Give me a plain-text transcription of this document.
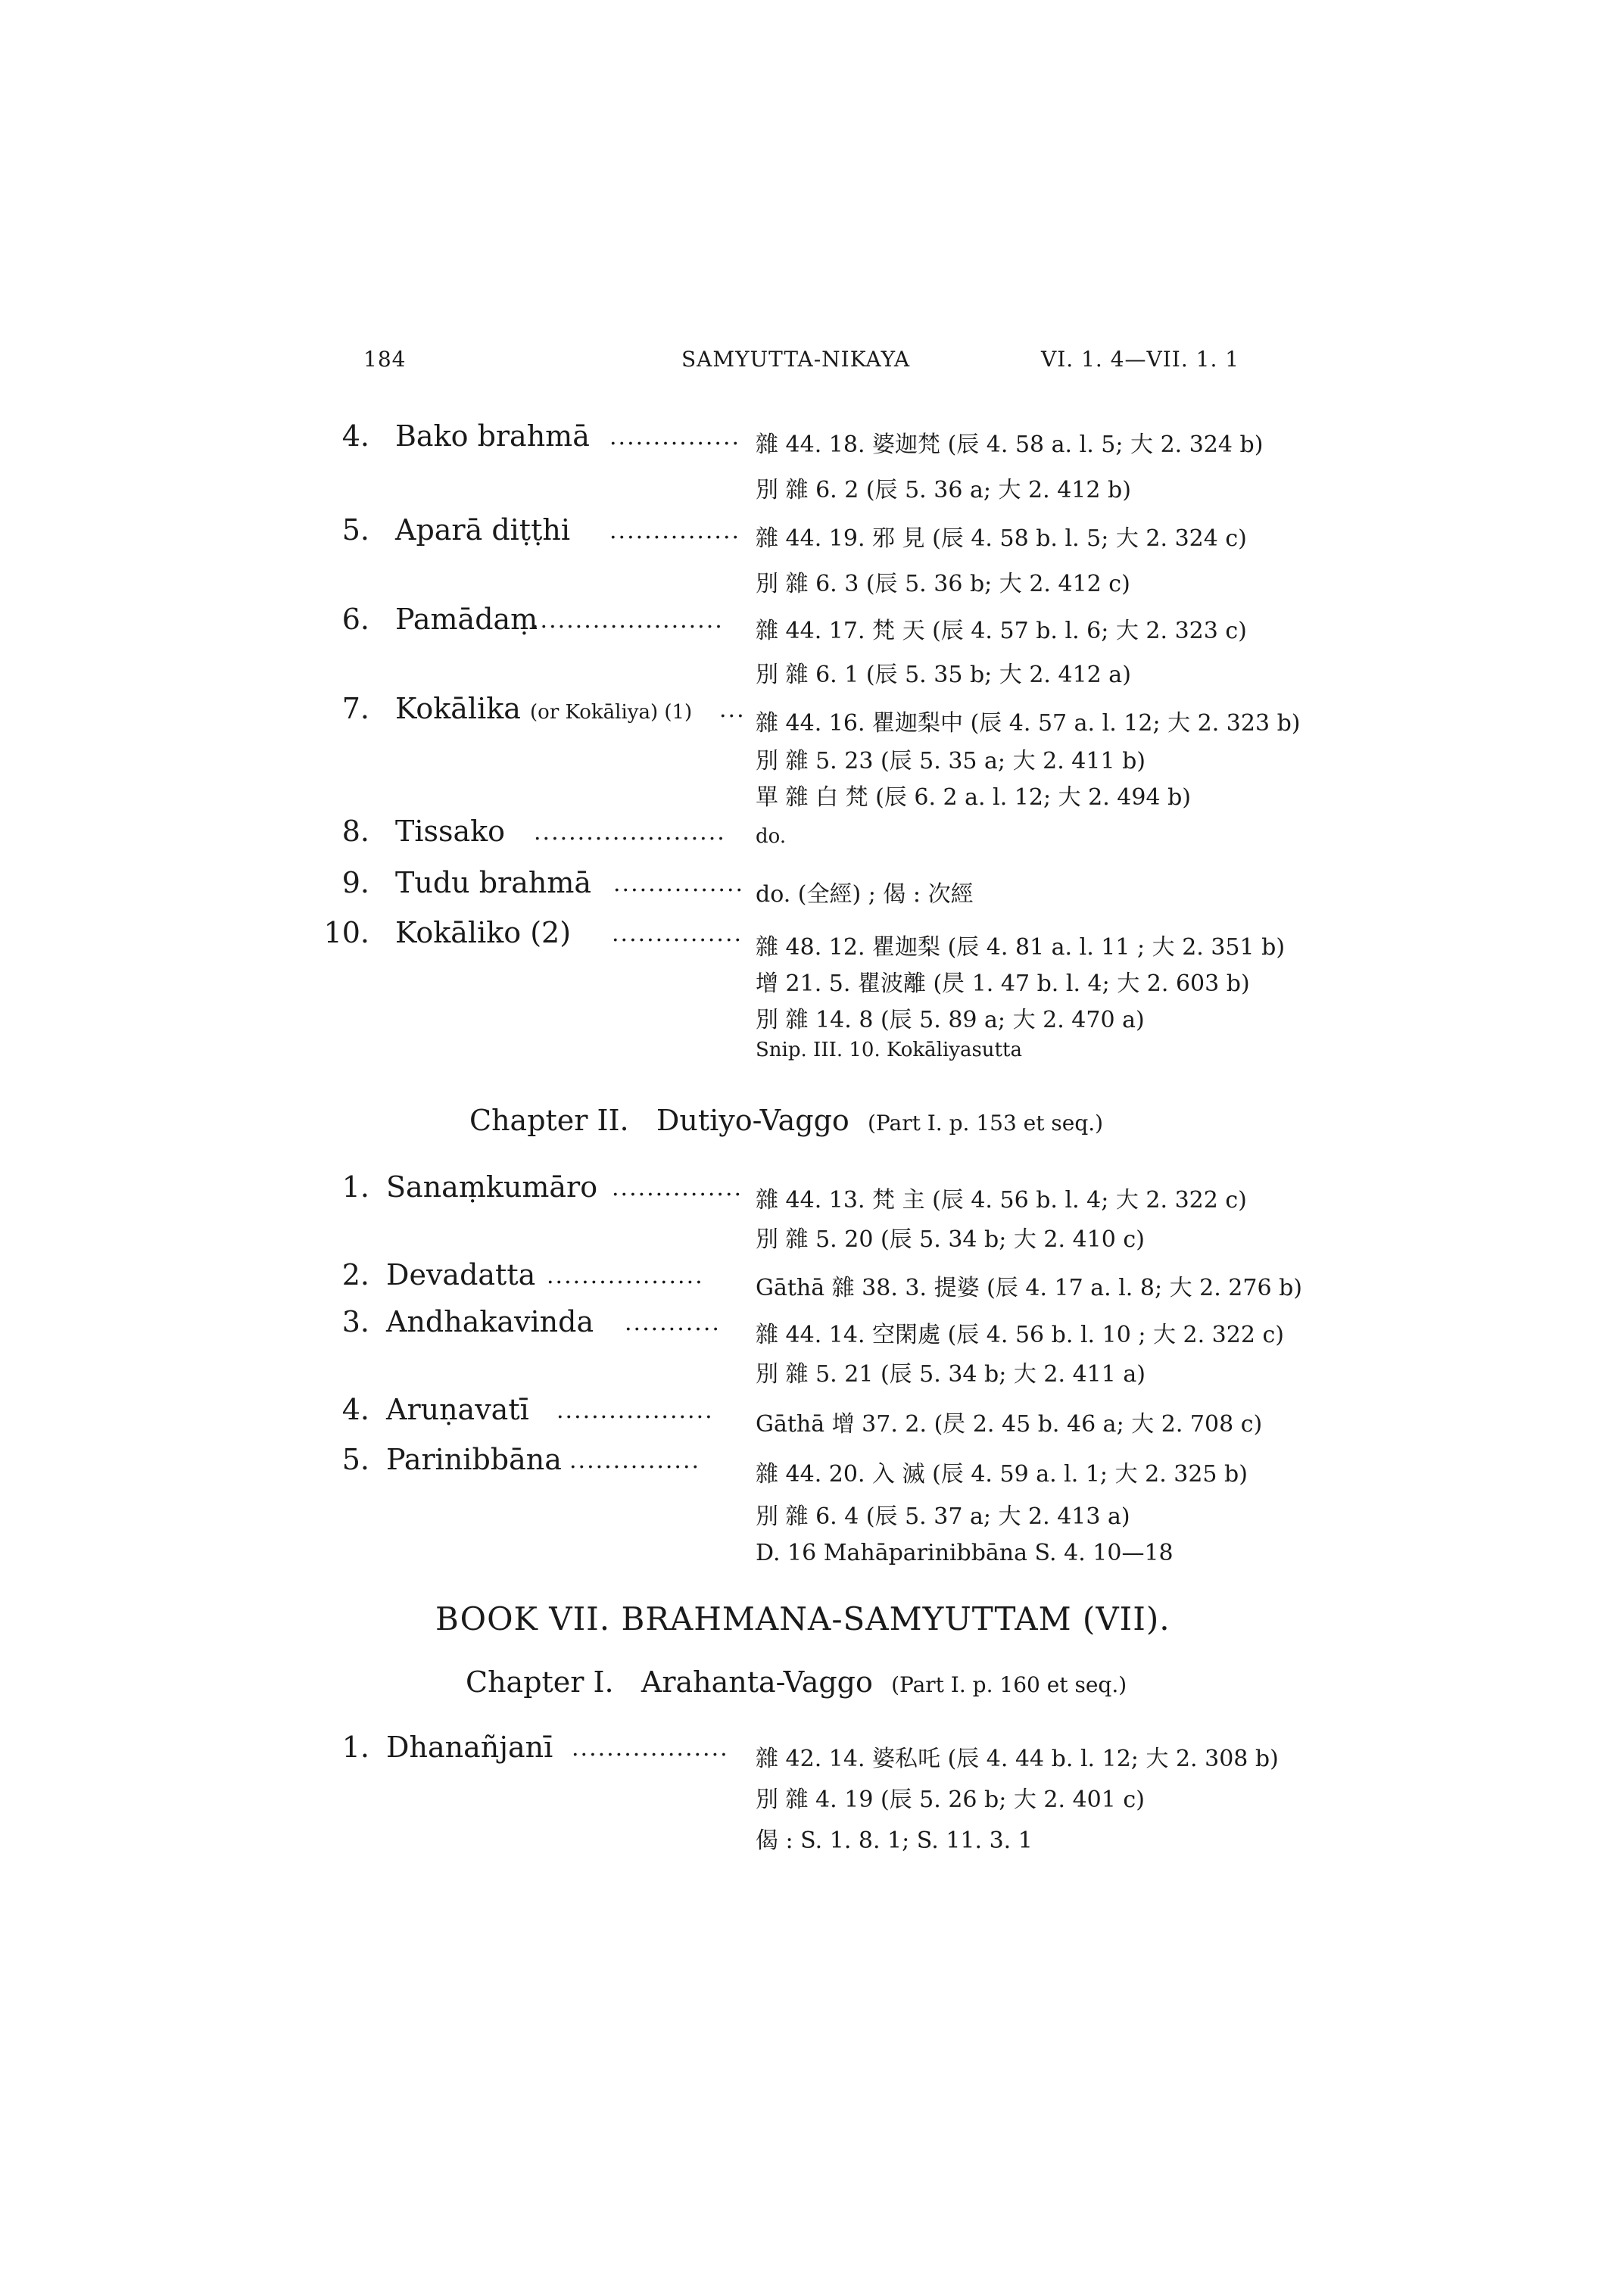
184	SAMYUTTA-NIKAYA	VI. 1. 4—VII. 1. 1
4. Bako brahmā ............... 雜 44. 18. 婆迦梵 (辰 4. 58 a. l. 5; 大 2. 324 b)
別 雜 6. 2 (辰 5. 36 a; 大 2. 412 b)
5. Aparā diṭṭhi ............... 雜 44. 19. 邪 見 (辰 4. 58 b. l. 5; 大 2. 324 c)
別 雜 6. 3 (辰 5. 36 b; 大 2. 412 c)
6. Pamādaṃ
...................... 雜 44. 17. 梵 天 (辰 4. 57 b. l. 6; 大 2. 323 c)
別 雜 6. 1 (辰 5. 35 b; 大 2. 412 a)
7. Kokālika (or Kokāliya) (1) ...
雜 44. 16. 瞿迦梨中 (辰 4. 57 a. l. 12; 大 2. 323 b)
別 雜 5. 23 (辰 5. 35 a; 大 2. 411 b)
單 雜 白 梵 (辰 6. 2 a. l. 12; 大 2. 494 b)
8. Tissako ...................... do.
9. Tudu brahmā ............... do. (全經) ; 偈 : 次經
10. Kokāliko (2) ...............
雜 48. 12. 瞿迦梨 (辰 4. 81 a. l. 11 ; 大 2. 351 b)
增 21. 5. 瞿波離 (昃 1. 47 b. l. 4; 大 2. 603 b)
別 雜 14. 8 (辰 5. 89 a; 大 2. 470 a)
Snip. III. 10. Kokāliyasutta
Chapter II. Dutiyo-Vaggo (Part I. p. 153 et seq.)
1. Sanaṃkumāro ............... 雜 44. 13. 梵 主 (辰 4. 56 b. l. 4; 大 2. 322 c)
別 雜 5. 20 (辰 5. 34 b; 大 2. 410 c)
2. Devadatta .................. Gāthā 雜 38. 3. 提婆 (辰 4. 17 a. l. 8; 大 2. 276 b)
3. Andhakavinda ........... 雜 44. 14. 空閑處 (辰 4. 56 b. l. 10 ; 大 2. 322 c)
別 雜 5. 21 (辰 5. 34 b; 大 2. 411 a)
4. Aruṇavatī ..................
Gāthā 增 37. 2. (昃 2. 45 b. 46 a; 大 2. 708 c)
5. Parinibbāna ...............
雜 44. 20. 入 滅 (辰 4. 59 a. l. 1; 大 2. 325 b)
別 雜 6. 4 (辰 5. 37 a; 大 2. 413 a)
D. 16 Mahāparinibbāna S. 4. 10—18
BOOK VII. BRAHMANA-SAMYUTTAM (VII).
Chapter I. Arahanta-Vaggo (Part I. p. 160 et seq.)
1. Dhanañjanī .................. 雜 42. 14. 婆私吒 (辰 4. 44 b. l. 12; 大 2. 308 b)
別 雜 4. 19 (辰 5. 26 b; 大 2. 401 c)
偈 : S. 1. 8. 1; S. 11. 3. 1
